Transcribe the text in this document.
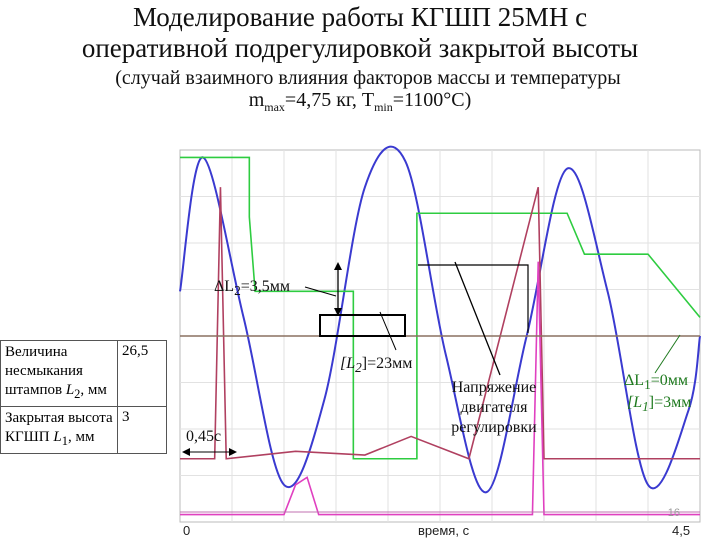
Моделирование работы КГШП 25МН с
оперативной подрегулировкой закрытой высоты
(случай взаимного влияния факторов массы и температуры
$m_{max}=4,75$ кг, $T_{min}=1100^\circ C$)
Величина несмыкания штампов $L_2$, мм	26,5
Закрытая высота КГШП $L_1$, мм	3
$\Delta L_2=3,5мм$
$[L_2]=23мм$
Напряжение
двигателя
регулировки
$\Delta L_1=0мм$
$[L_1]=3мм$
0,45с
0	время, с	4,5
16
